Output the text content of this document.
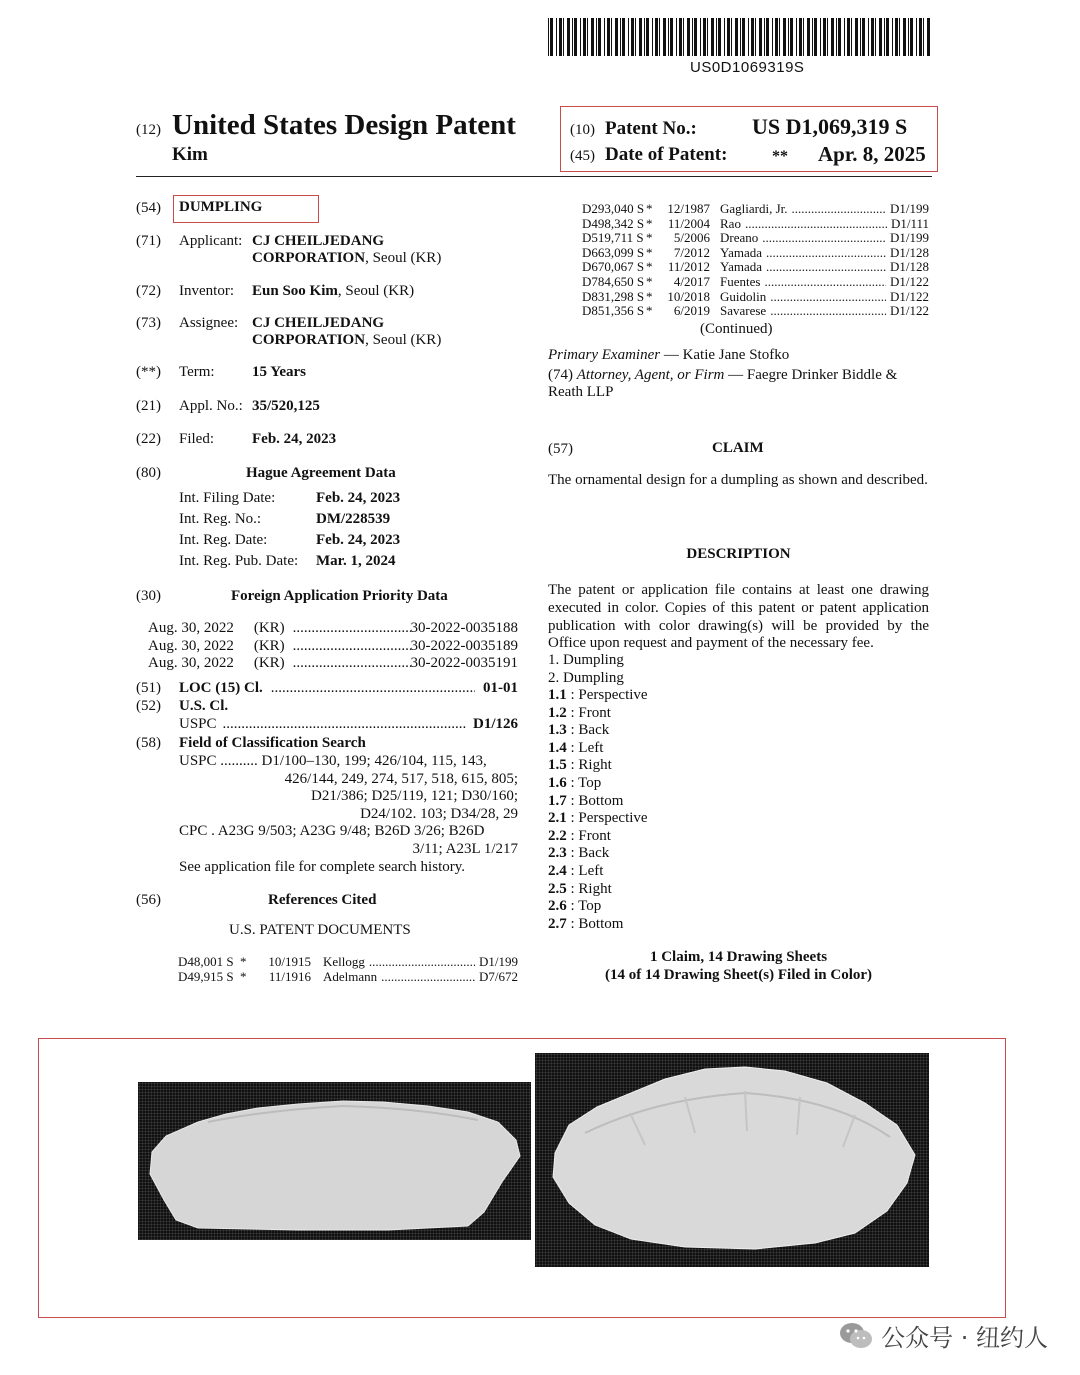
US0D1069319S
(12) United States Design Patent
Kim
(10) Patent No.:	US D1,069,319 S
(45) Date of Patent:	** Apr. 8, 2025
(54) DUMPLING
(71) Applicant: CJ CHEILJEDANG
CORPORATION, Seoul (KR)
(72) Inventor: Eun Soo Kim, Seoul (KR)
(73) Assignee: CJ CHEILJEDANG
CORPORATION, Seoul (KR)
(**) Term: 15 Years
(21) Appl. No.: 35/520,125
(22) Filed:	Feb. 24, 2023
(80)	Hague Agreement Data
Int. Filing Date:	Feb. 24, 2023
Int. Reg. No.:	DM/228539
Int. Reg. Date:	Feb. 24, 2023
Int. Reg. Pub. Date: Mar. 1, 2024
(30)	Foreign Application Priority Data
Aug. 30, 2022 (KR) .....	30-2022-0035188
Aug. 30, 2022 (KR) .....	30-2022-0035189
Aug. 30, 2022 (KR) .....	30-2022-0035191
(51) LOC (15) Cl. .....	01-01
(52) U.S. Cl.
USPC .....	D1/126
(58) Field of Classification Search
USPC .......... D1/100–130, 199; 426/104, 115, 143,
426/144, 249, 274, 517, 518, 615, 805;
D21/386; D25/119, 121; D30/160;
D24/102. 103; D34/28, 29
CPC . A23G 9/503; A23G 9/48; B26D 3/26; B26D
3/11; A23L 1/217
See application file for complete search history.
(56)	References Cited
U.S. PATENT DOCUMENTS
D48,001 S *	10/1915 Kellogg .....	D1/199
D49,915 S *	11/1916 Adelmann .....	D7/672
D293,040 S *	12/1987 Gagliardi, Jr. .....	D1/199
D498,342 S *	11/2004 Rao .....	D1/111
D519,711 S *	5/2006 Dreano .....	D1/199
D663,099 S *	7/2012 Yamada .....	D1/128
D670,067 S *	11/2012 Yamada .....	D1/128
D784,650 S *	4/2017 Fuentes .....	D1/122
D831,298 S *	10/2018 Guidolin .....	D1/122
D851,356 S *	6/2019 Savarese .....	D1/122
(Continued)
Primary Examiner — Katie Jane Stofko
(74) Attorney, Agent, or Firm — Faegre Drinker Biddle &
Reath LLP
(57)	CLAIM
The ornamental design for a dumpling as shown and described.
DESCRIPTION
The patent or application file contains at least one drawing executed in color. Copies of this patent or patent application publication with color drawing(s) will be provided by the Office upon request and payment of the necessary fee.
1. Dumpling
2. Dumpling
1.1 : Perspective
1.2 : Front
1.3 : Back
1.4 : Left
1.5 : Right
1.6 : Top
1.7 : Bottom
2.1 : Perspective
2.2 : Front
2.3 : Back
2.4 : Left
2.5 : Right
2.6 : Top
2.7 : Bottom
1 Claim, 14 Drawing Sheets
(14 of 14 Drawing Sheet(s) Filed in Color)
公众号 · 纽约人
